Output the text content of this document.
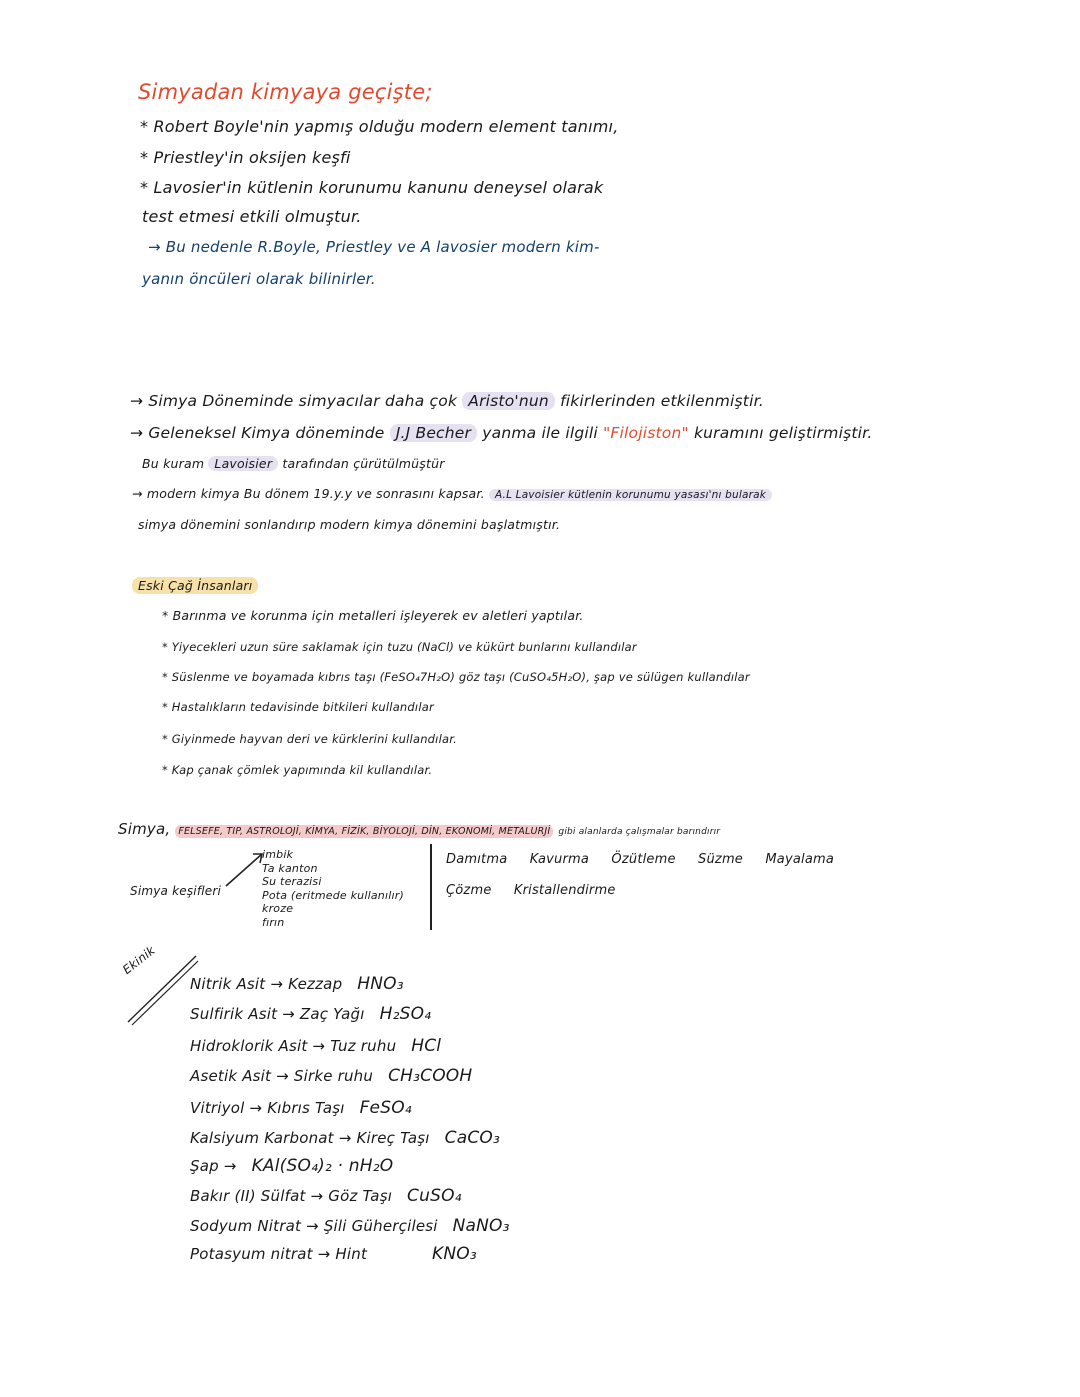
Simyadan kimyaya geçişte;
* Robert Boyle'nin yapmış olduğu modern element tanımı,
* Priestley'in oksijen keşfi
* Lavosier'in kütlenin korunumu kanunu deneysel olarak
test etmesi etkili olmuştur.
→ Bu nedenle R.Boyle, Priestley ve A lavosier modern kim-
yanın öncüleri olarak bilinirler.
→ Simya Döneminde simyacılar daha çok Aristo'nun fikirlerinden etkilenmiştir.
→ Geleneksel Kimya döneminde J.J Becher yanma ile ilgili "Filojiston" kuramını geliştirmiştir.
Bu kuram Lavoisier tarafından çürütülmüştür
→ modern kimya Bu dönem 19.y.y ve sonrasını kapsar. A.L Lavoisier kütlenin korunumu yasası'nı bularak
simya dönemini sonlandırıp modern kimya dönemini başlatmıştır.
Eski Çağ İnsanları
* Barınma ve korunma için metalleri işleyerek ev aletleri yaptılar.
* Yiyecekleri uzun süre saklamak için tuzu (NaCl) ve kükürt bunlarını kullandılar
* Süslenme ve boyamada kıbrıs taşı (FeSO₄7H₂O) göz taşı (CuSO₄5H₂O), şap ve sülügen kullandılar
* Hastalıkların tedavisinde bitkileri kullandılar
* Giyinmede hayvan deri ve kürklerini kullandılar.
* Kap çanak çömlek yapımında kil kullandılar.
Simya, FELSEFE, TIP, ASTROLOJİ, KİMYA, FİZİK, BİYOLOJİ, DİN, EKONOMİ, METALURJİ gibi alanlarda çalışmalar barındırır
Simya keşifleri
imbik
Ta kanton
Su terazisi
Pota (eritmede kullanılır)
kroze
fırın
Damıtma Kavurma Özütleme Süzme Mayalama
Çözme Kristallendirme
Ekinik
Nitrik Asit → Kezzap HNO₃
Sulfirik Asit → Zaç Yağı H₂SO₄
Hidroklorik Asit → Tuz ruhu HCl
Asetik Asit → Sirke ruhu CH₃COOH
Vitriyol → Kıbrıs Taşı FeSO₄
Kalsiyum Karbonat → Kireç Taşı CaCO₃
Şap → KAl(SO₄)₂ · nH₂O
Bakır (II) Sülfat → Göz Taşı CuSO₄
Sodyum Nitrat → Şili Güherçilesi NaNO₃
Potasyum nitrat → Hint	KNO₃
